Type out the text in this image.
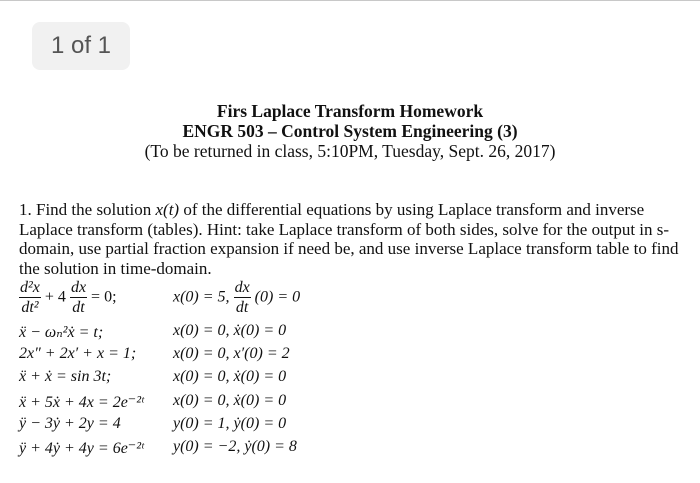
1 of 1
Firs Laplace Transform Homework
ENGR 503 – Control System Engineering (3)
(To be returned in class, 5:10PM, Tuesday, Sept. 26, 2017)
1. Find the solution x(t) of the differential equations by using Laplace transform and inverse Laplace transform (tables). Hint: take Laplace transform of both sides, solve for the output in s-domain, use partial fraction expansion if need be, and use inverse Laplace transform table to find the solution in time-domain.
$\frac{\text{d²x}}{\text{dt²}} + 4 \frac{dx}{dt} = 0$;	x(0) = 5, $\frac{dx}{dt} (0) = 0$
ẍ − ωₙ²ẋ = t;	x(0) = 0, ẋ(0) = 0
2x″ + 2x′ + x = 1; x(0) = 0, x′(0) = 2
ẍ + ẋ = sin 3t;	x(0) = 0, ẋ(0) = 0
ẍ + 5ẋ + 4x = 2e⁻²ᵗ x(0) = 0, ẋ(0) = 0
ÿ − 3ẏ + 2y = 4	y(0) = 1, ẏ(0) = 0
ÿ + 4ẏ + 4y = 6e⁻²ᵗ y(0) = −2, ẏ(0) = 8
